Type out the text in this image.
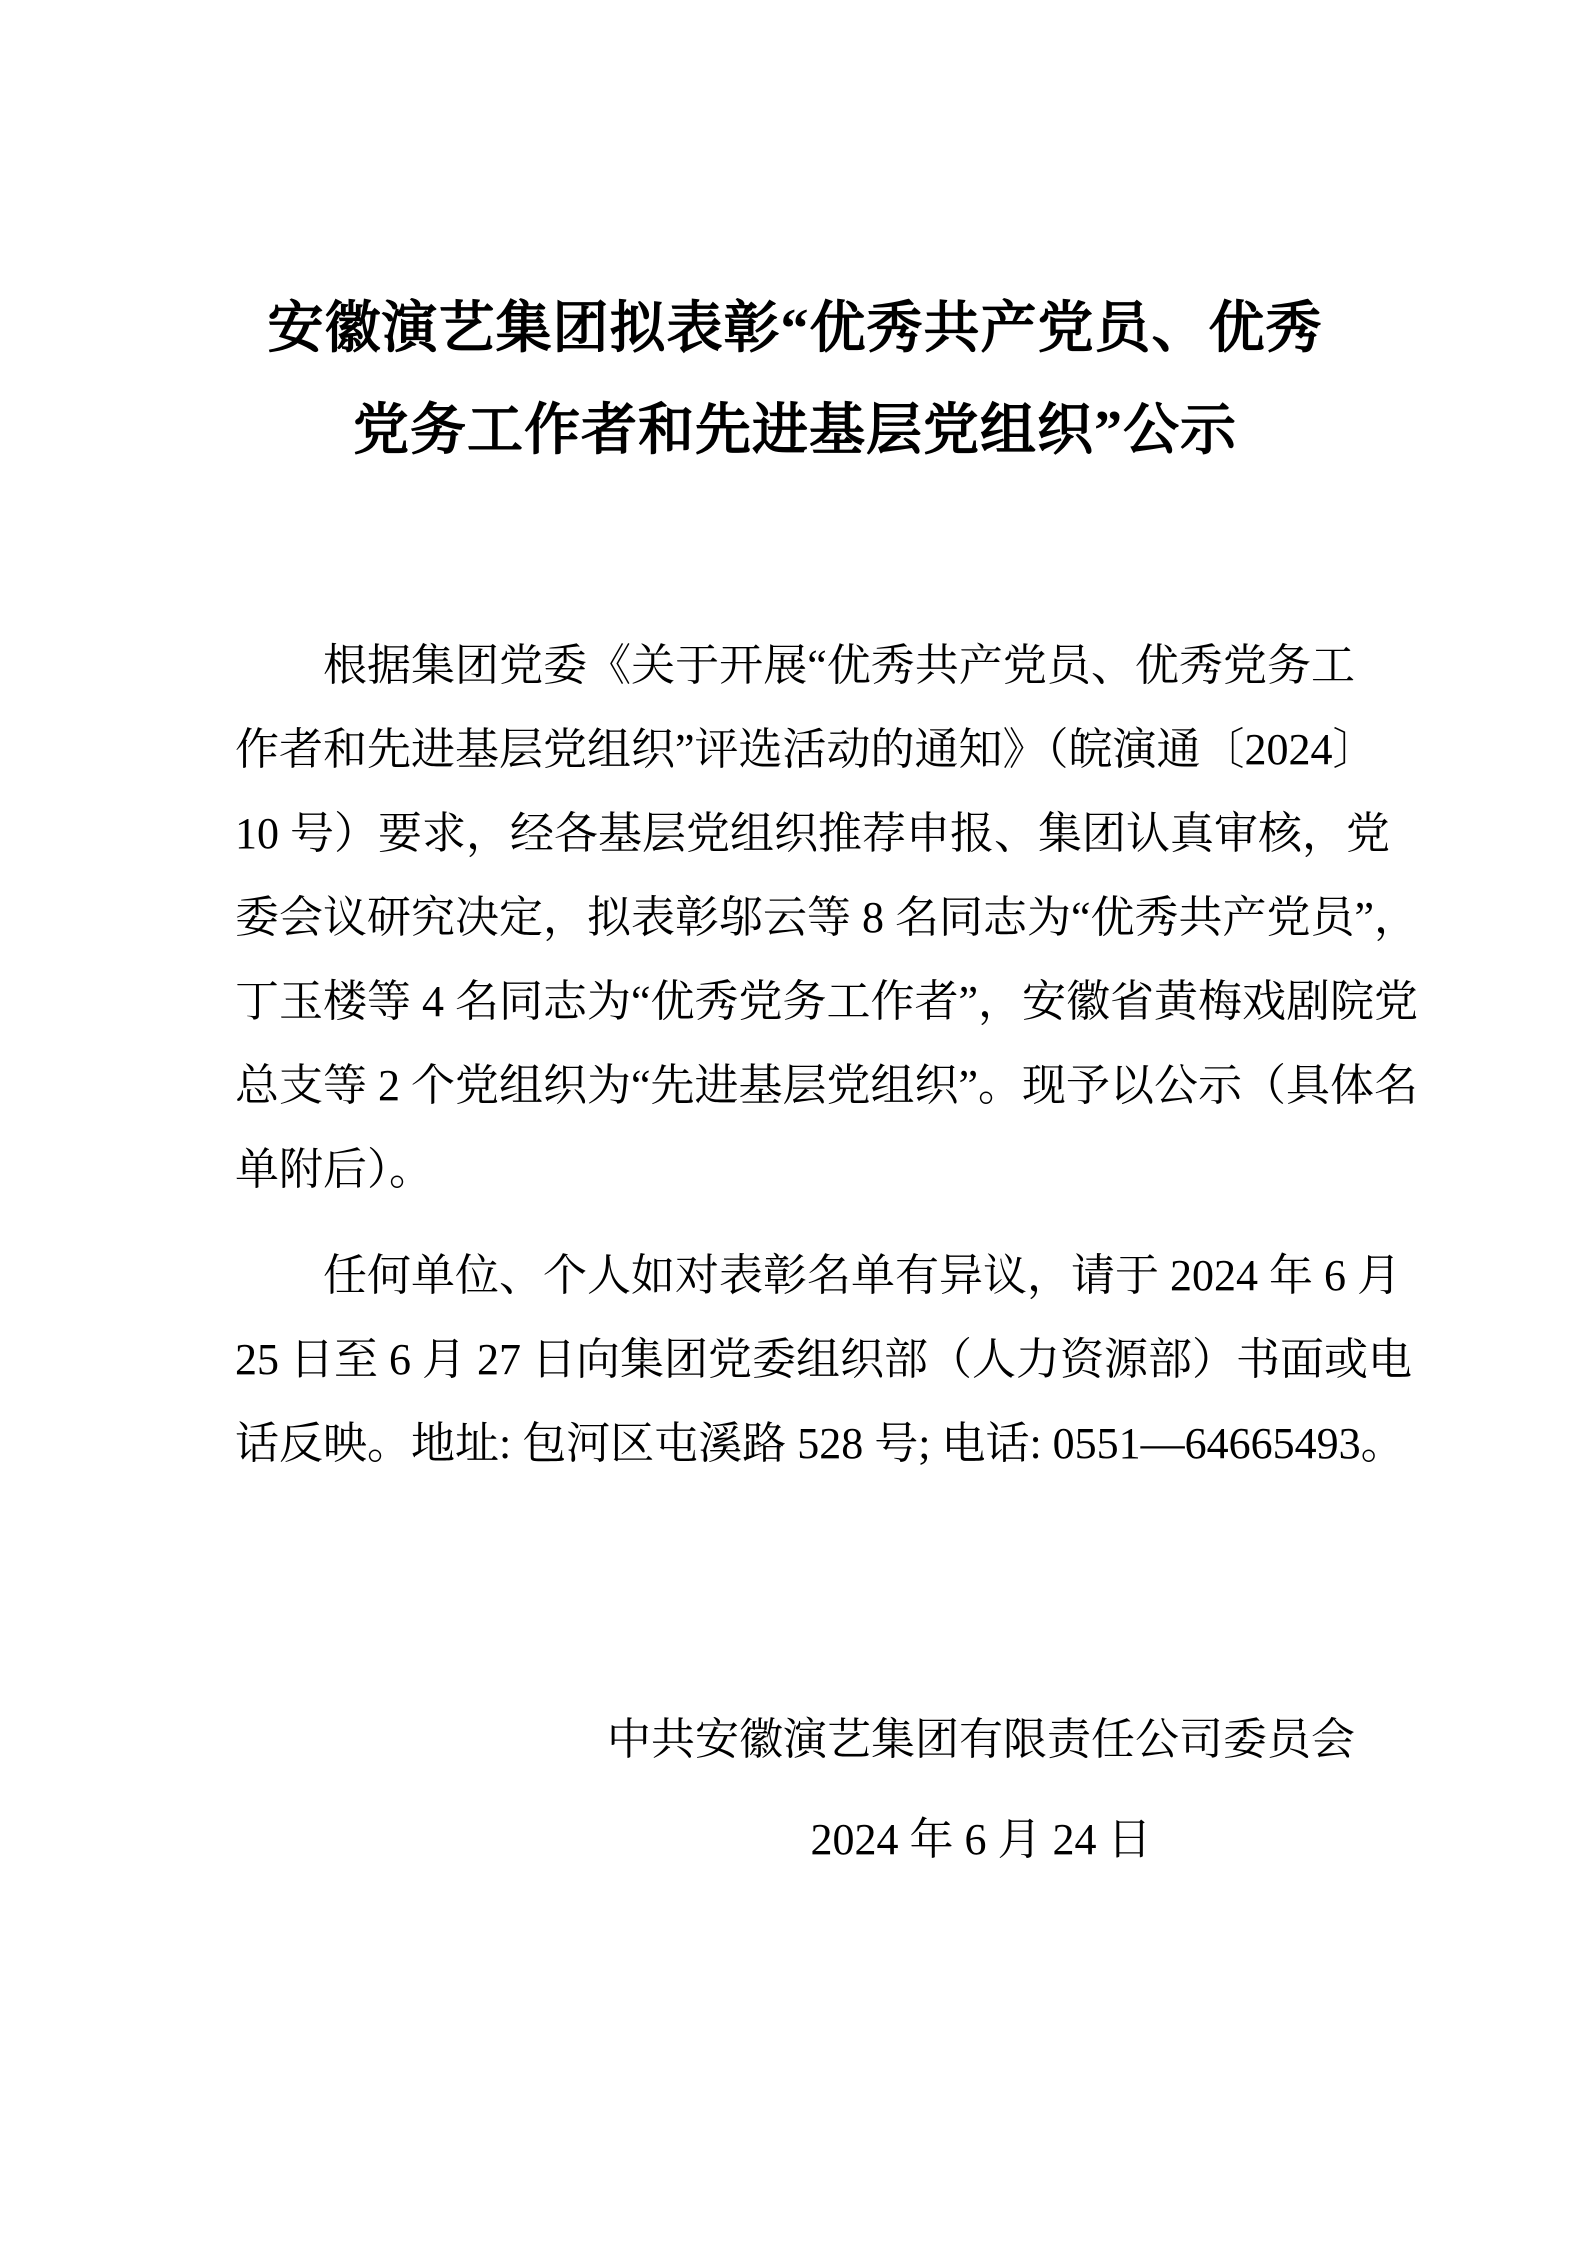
安徽演艺集团拟表彰“优秀共产党员、优秀
党务工作者和先进基层党组织”公示

根据集团党委《关于开展“优秀共产党员、优秀党务工
作者和先进基层党组织”评选活动的通知》（皖演通〔2024〕
10 号）要求，经各基层党组织推荐申报、集团认真审核，党
委会议研究决定，拟表彰邬云等 8 名同志为“优秀共产党员”，
丁玉楼等 4 名同志为“优秀党务工作者”，安徽省黄梅戏剧院党
总支等 2 个党组织为“先进基层党组织”。现予以公示（具体名
单附后）。

任何单位、个人如对表彰名单有异议，请于 2024 年 6 月
25 日至 6 月 27 日向集团党委组织部（人力资源部）书面或电
话反映。地址: 包河区屯溪路 528 号; 电话: 0551—64665493。

中共安徽演艺集团有限责任公司委员会
2024 年 6 月 24 日
